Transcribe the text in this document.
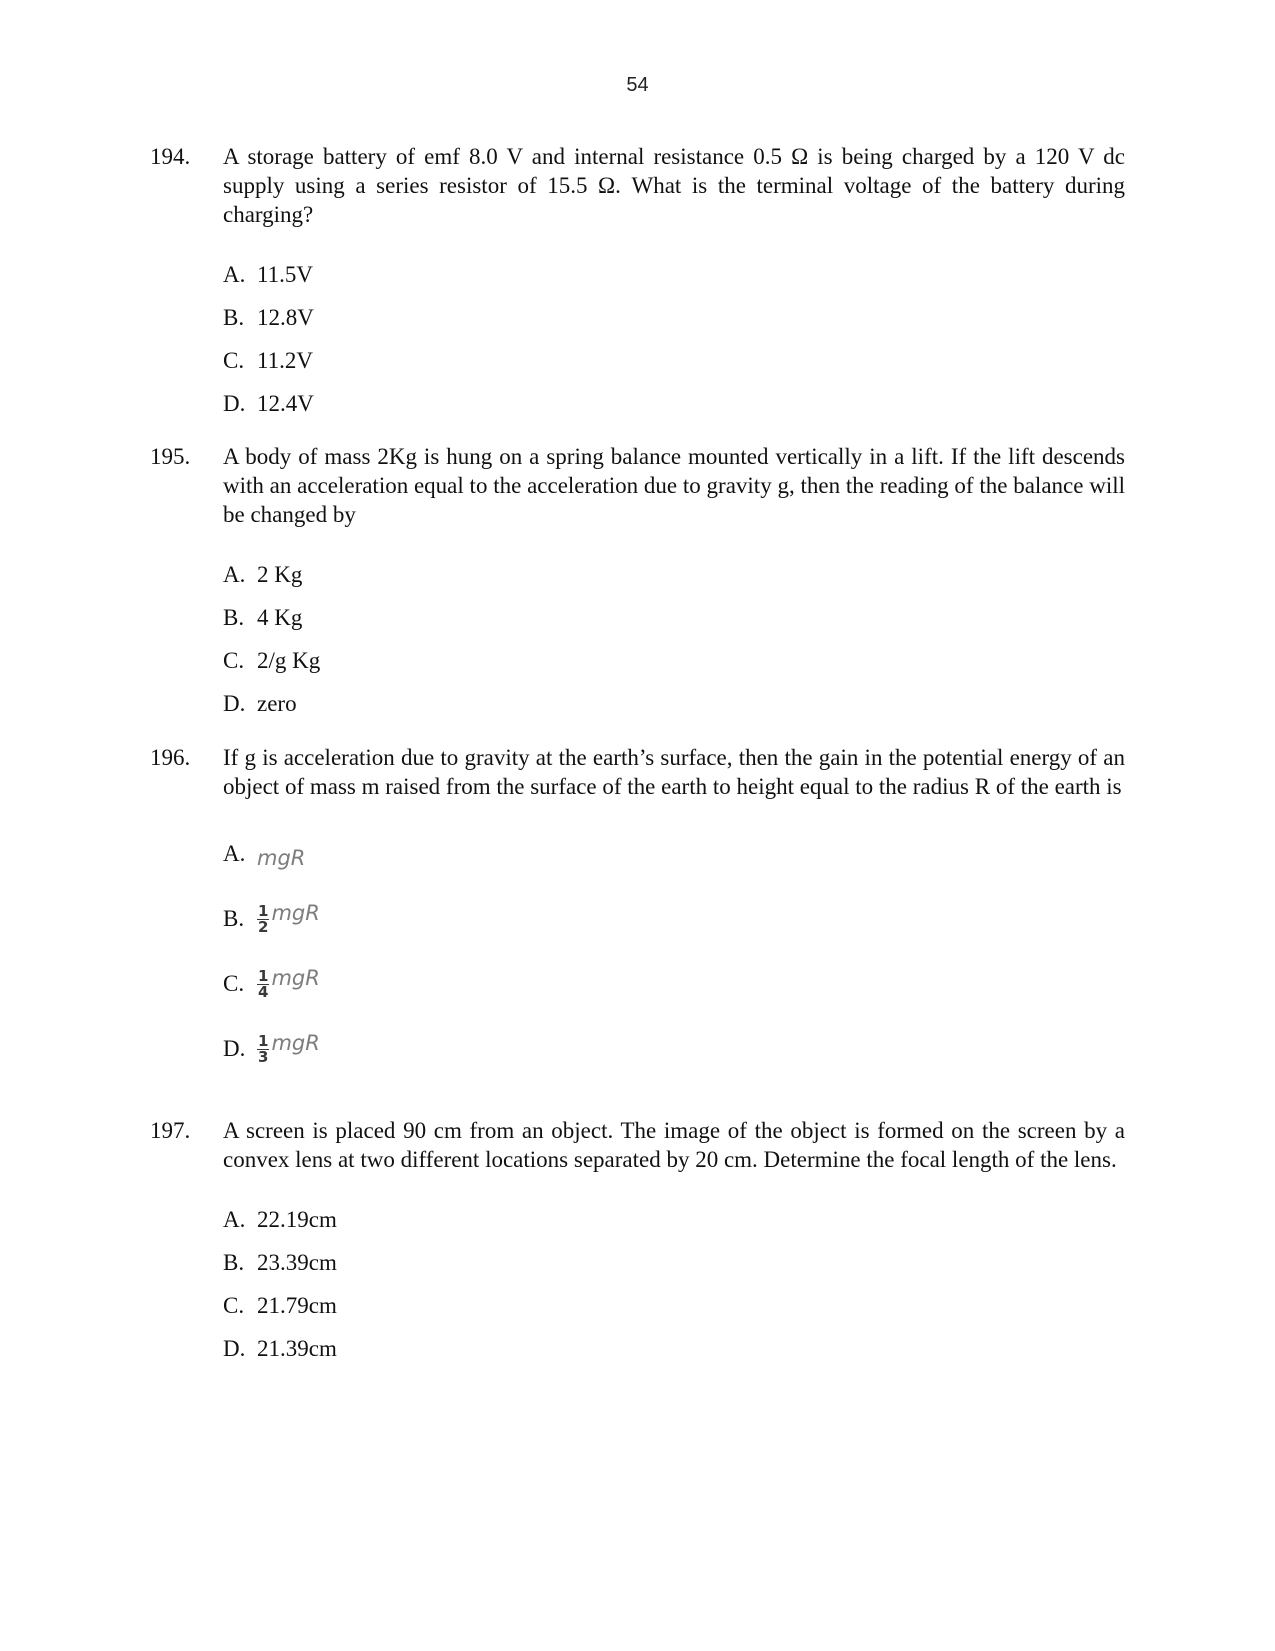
54
194. A storage battery of emf 8.0 V and internal resistance 0.5 Ω is being charged by a 120 V dc supply using a series resistor of 15.5 Ω. What is the terminal voltage of the battery during charging?
A. 11.5V
B. 12.8V
C. 11.2V
D. 12.4V
195. A body of mass 2Kg is hung on a spring balance mounted vertically in a lift. If the lift descends with an acceleration equal to the acceleration due to gravity g, then the reading of the balance will be changed by
A. 2 Kg
B. 4 Kg
C. 2/g Kg
D. zero
196. If g is acceleration due to gravity at the earth’s surface, then the gain in the potential energy of an object of mass m raised from the surface of the earth to height equal to the radius R of the earth is
A. mgR
B. $\frac{1}{2}$ mgR
C. $\frac{1}{4}$ mgR
D. $\frac{1}{3}$ mgR
197. A screen is placed 90 cm from an object. The image of the object is formed on the screen by a convex lens at two different locations separated by 20 cm. Determine the focal length of the lens.
A. 22.19cm
B. 23.39cm
C. 21.79cm
D. 21.39cm
